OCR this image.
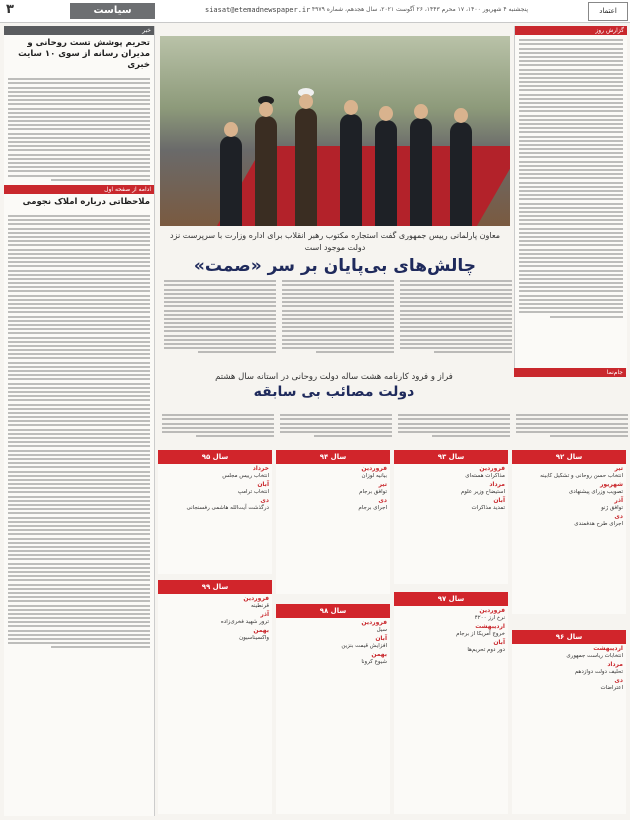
۳	سیاست	siasat@etemadnewspaper.ir پنجشنبه ۴ شهریور ۱۴۰۰، ۱۷ محرم ۱۴۴۳، ۲۶ آگوست ۲۰۲۱، سال هجدهم، شماره ۴۹۷۹	اعتماد
خبر
تحریم پوشش تست روحانی و مدیران رسانه از سوی ۱۰ سایت خبری
ادامه از صفحه اول
ملاحظاتی درباره املاک نجومی
گزارش روز
معاون پارلمانی رییس جمهوری گفت استجاره مکتوب رهبر انقلاب برای اداره وزارت با سرپرست نزد دولت موجود است
چالش‌های بی‌پایان بر سر «صمت»
جام‌نما
فراز و فرود کارنامه هشت ساله دولت روحانی در استانه سال هشتم
دولت مصائب بی سابقه
سال ۹۲
تیر
انتخاب حسن روحانی و تشکیل کابینه
شهریور
تصویب وزرای پیشنهادی
آذر
توافق ژنو
دی
اجرای طرح هدفمندی
سال ۹۳
فروردین
مذاکرات هسته‌ای
مرداد
استیضاح وزیر علوم
آبان
تمدید مذاکرات
سال ۹۴
فروردین
بیانیه لوزان
تیر
توافق برجام
دی
اجرای برجام
سال ۹۵
خرداد
انتخاب رییس مجلس
آبان
انتخاب ترامپ
دی
درگذشت آیت‌الله هاشمی رفسنجانی
سال ۹۶
اردیبهشت
انتخابات ریاست جمهوری
مرداد
تحلیف دولت دوازدهم
دی
اعتراضات
سال ۹۷
فروردین
نرخ ارز ۴۲۰۰
اردیبهشت
خروج آمریکا از برجام
آبان
دور دوم تحریم‌ها
سال ۹۸
فروردین
سیل
آبان
افزایش قیمت بنزین
بهمن
شیوع کرونا
سال ۹۹
فروردین
قرنطینه
آذر
ترور شهید فخری‌زاده
بهمن
واکسیناسیون
